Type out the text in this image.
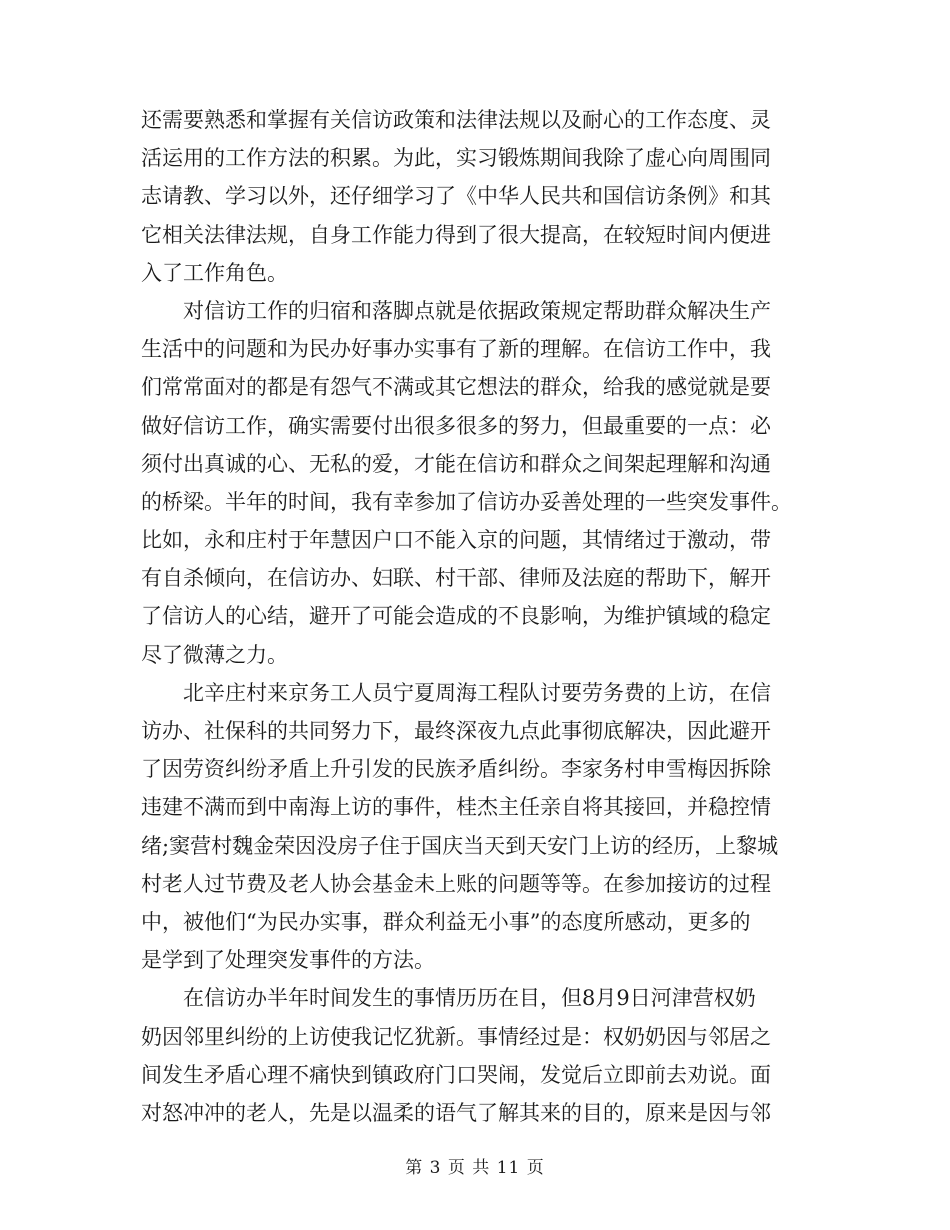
还需要熟悉和掌握有关信访政策和法律法规以及耐心的工作态度、灵
活运用的工作方法的积累。为此，实习锻炼期间我除了虚心向周围同
志请教、学习以外，还仔细学习了《中华人民共和国信访条例》和其
它相关法律法规，自身工作能力得到了很大提高，在较短时间内便进
入了工作角色。
　　对信访工作的归宿和落脚点就是依据政策规定帮助群众解决生产
生活中的问题和为民办好事办实事有了新的理解。在信访工作中，我
们常常面对的都是有怨气不满或其它想法的群众，给我的感觉就是要
做好信访工作，确实需要付出很多很多的努力，但最重要的一点：必
须付出真诚的心、无私的爱，才能在信访和群众之间架起理解和沟通
的桥梁。半年的时间，我有幸参加了信访办妥善处理的一些突发事件。
比如，永和庄村于年慧因户口不能入京的问题，其情绪过于激动，带
有自杀倾向，在信访办、妇联、村干部、律师及法庭的帮助下，解开
了信访人的心结，避开了可能会造成的不良影响，为维护镇域的稳定
尽了微薄之力。
　　北辛庄村来京务工人员宁夏周海工程队讨要劳务费的上访，在信
访办、社保科的共同努力下，最终深夜九点此事彻底解决，因此避开
了因劳资纠纷矛盾上升引发的民族矛盾纠纷。李家务村申雪梅因拆除
违建不满而到中南海上访的事件，桂杰主任亲自将其接回，并稳控情
绪;窦营村魏金荣因没房子住于国庆当天到天安门上访的经历，上黎城
村老人过节费及老人协会基金未上账的问题等等。在参加接访的过程
中，被他们“为民办实事，群众利益无小事”的态度所感动，更多的
是学到了处理突发事件的方法。
　　在信访办半年时间发生的事情历历在目，但8月9日河津营权奶
奶因邻里纠纷的上访使我记忆犹新。事情经过是：权奶奶因与邻居之
间发生矛盾心理不痛快到镇政府门口哭闹，发觉后立即前去劝说。面
对怒冲冲的老人，先是以温柔的语气了解其来的目的，原来是因与邻
第 3 页 共 11 页
